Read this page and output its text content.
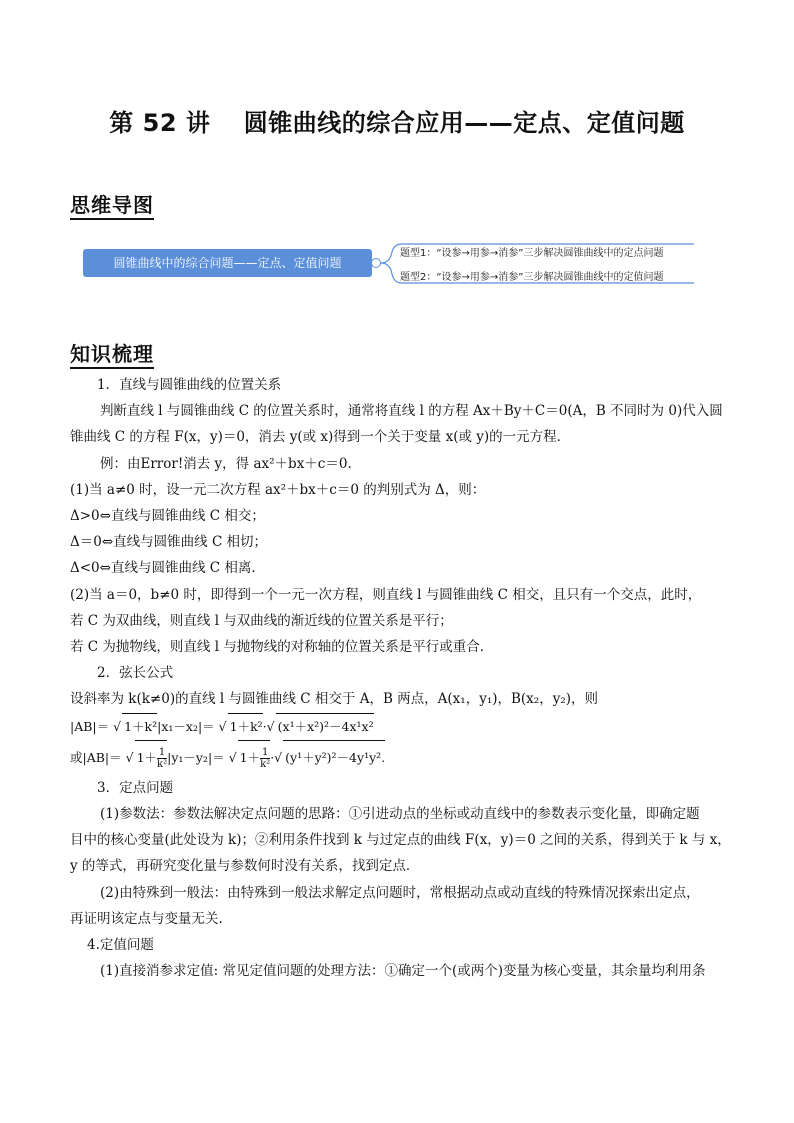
第 52 讲　 圆锥曲线的综合应用——定点、定值问题
思维导图
圆锥曲线中的综合问题——定点、定值问题
题型1：“设参→用参→消参”三步解决圆锥曲线中的定点问题
题型2：“设参→用参→消参”三步解决圆锥曲线中的定值问题
知识梳理
1．直线与圆锥曲线的位置关系
判断直线 l 与圆锥曲线 C 的位置关系时，通常将直线 l 的方程 Ax＋By＋C＝0(A，B 不同时为 0)代入圆
锥曲线 C 的方程 F(x，y)＝0，消去 y(或 x)得到一个关于变量 x(或 y)的一元方程．
例：由Error!消去 y，得 ax²＋bx＋c＝0.
(1)当 a≠0 时，设一元二次方程 ax²＋bx＋c＝0 的判别式为 Δ，则：
Δ>0⇔直线与圆锥曲线 C 相交；
Δ＝0⇔直线与圆锥曲线 C 相切；
Δ<0⇔直线与圆锥曲线 C 相离．
(2)当 a＝0，b≠0 时，即得到一个一元一次方程，则直线 l 与圆锥曲线 C 相交，且只有一个交点，此时，
若 C 为双曲线，则直线 l 与双曲线的渐近线的位置关系是平行；
若 C 为抛物线，则直线 l 与抛物线的对称轴的位置关系是平行或重合．
2．弦长公式
设斜率为 k(k≠0)的直线 l 与圆锥曲线 C 相交于 A，B 两点，A(x₁，y₁)，B(x₂，y₂)，则
|AB|＝ √ 1＋k²|x₁－x₂|＝ √ 1＋k²·√ (x¹＋x²)²－4x¹x²
或|AB|＝ √ $1+ \frac{1}{\text{k²}} |y_1-y_2|=$ √ $1+ \frac{1}{\text{k²}}$ ·√ (y¹＋y²)²－4y¹y².
3．定点问题
(1)参数法：参数法解决定点问题的思路：①引进动点的坐标或动直线中的参数表示变化量，即确定题
目中的核心变量(此处设为 k)；②利用条件找到 k 与过定点的曲线 F(x，y)＝0 之间的关系，得到关于 k 与 x，
y 的等式，再研究变化量与参数何时没有关系，找到定点．
(2)由特殊到一般法：由特殊到一般法求解定点问题时，常根据动点或动直线的特殊情况探索出定点，
再证明该定点与变量无关.
4.定值问题
(1)直接消参求定值: 常见定值问题的处理方法：①确定一个(或两个)变量为核心变量，其余量均利用条
